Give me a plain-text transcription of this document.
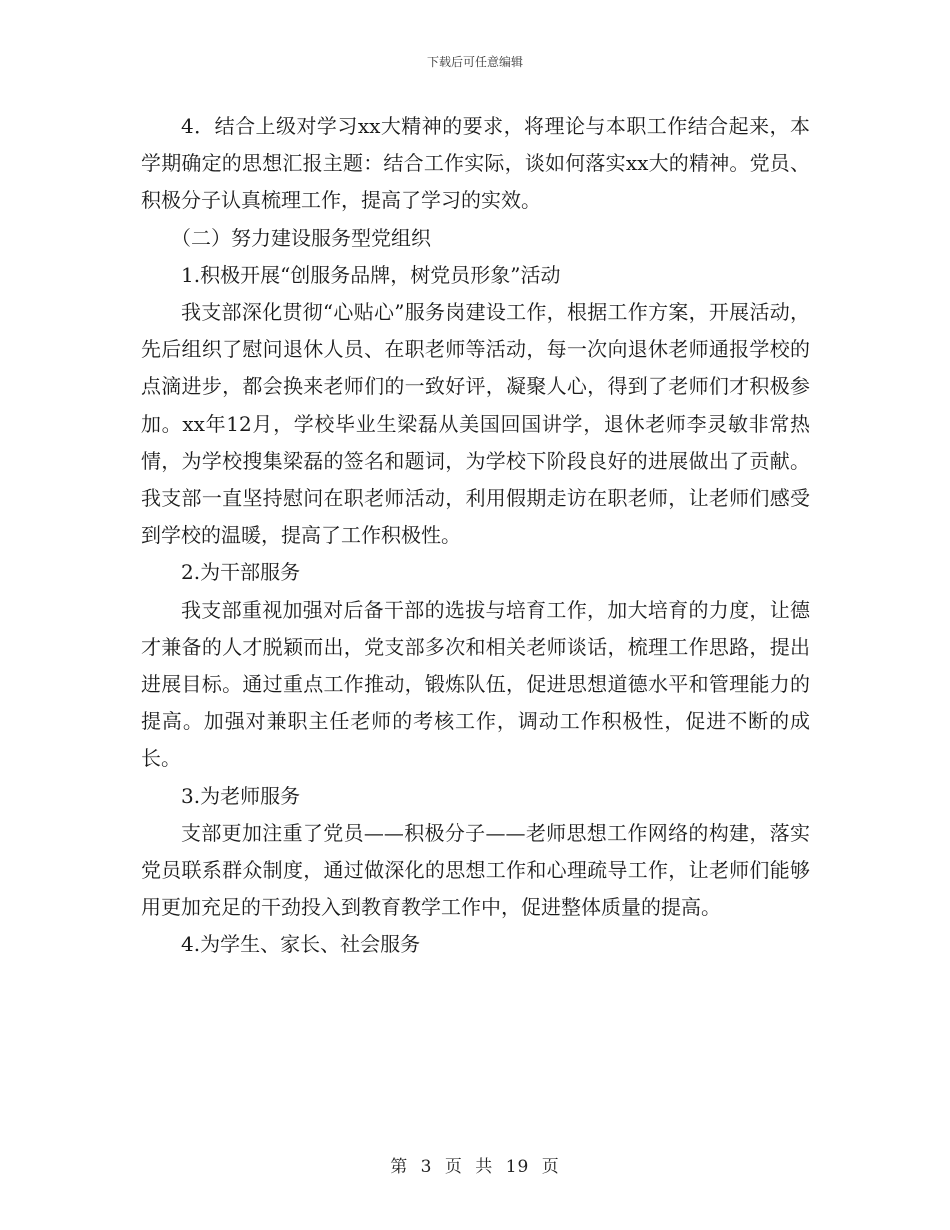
下载后可任意编辑

4．结合上级对学习xx大精神的要求，将理论与本职工作结合起来，本学期确定的思想汇报主题：结合工作实际，谈如何落实xx大的精神。党员、积极分子认真梳理工作，提高了学习的实效。

（二）努力建设服务型党组织

1.积极开展“创服务品牌，树党员形象”活动

我支部深化贯彻“心贴心”服务岗建设工作，根据工作方案，开展活动，先后组织了慰问退休人员、在职老师等活动，每一次向退休老师通报学校的点滴进步，都会换来老师们的一致好评，凝聚人心，得到了老师们才积极参加。xx年12月，学校毕业生梁磊从美国回国讲学，退休老师李灵敏非常热情，为学校搜集梁磊的签名和题词，为学校下阶段良好的进展做出了贡献。我支部一直坚持慰问在职老师活动，利用假期走访在职老师，让老师们感受到学校的温暖，提高了工作积极性。

2.为干部服务

我支部重视加强对后备干部的选拔与培育工作，加大培育的力度，让德才兼备的人才脱颖而出，党支部多次和相关老师谈话，梳理工作思路，提出进展目标。通过重点工作推动，锻炼队伍，促进思想道德水平和管理能力的提高。加强对兼职主任老师的考核工作，调动工作积极性，促进不断的成长。

3.为老师服务

支部更加注重了党员——积极分子——老师思想工作网络的构建，落实党员联系群众制度，通过做深化的思想工作和心理疏导工作，让老师们能够用更加充足的干劲投入到教育教学工作中，促进整体质量的提高。

4.为学生、家长、社会服务

第 3 页 共 19 页
